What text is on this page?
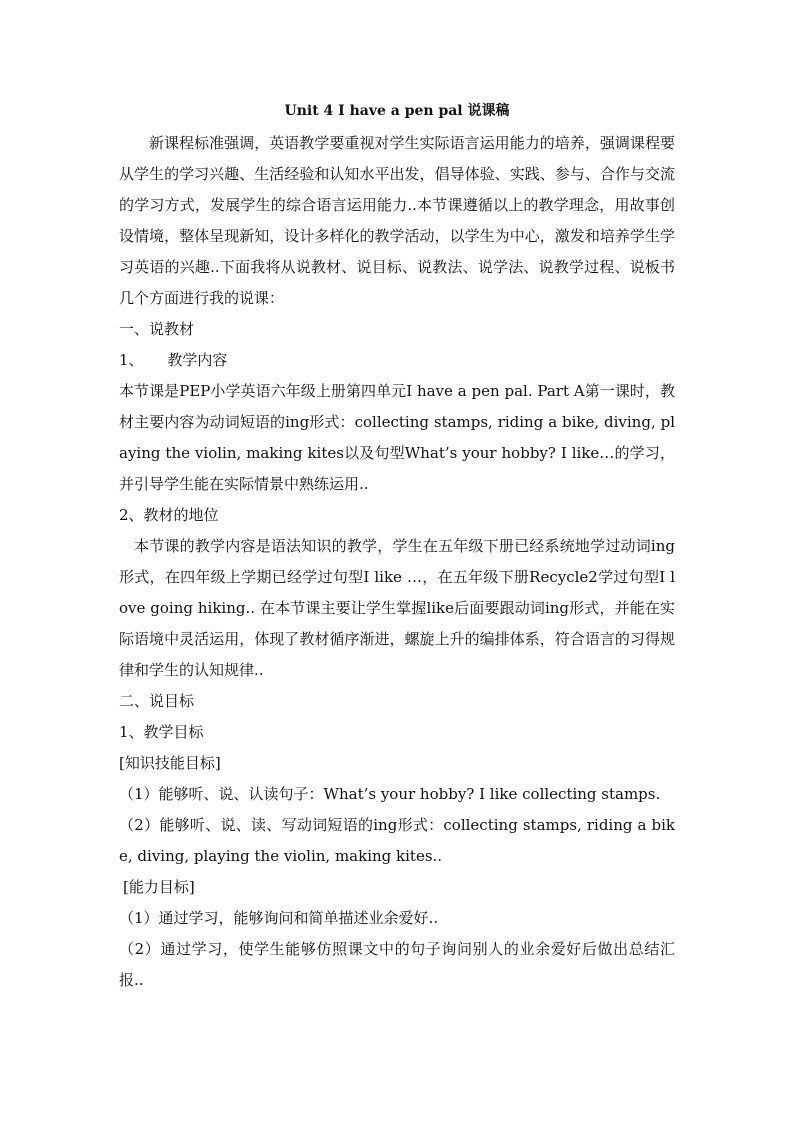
Unit 4 I have a pen pal 说课稿

新课程标准强调，英语教学要重视对学生实际语言运用能力的培养，强调课程要从学生的学习兴趣、生活经验和认知水平出发，倡导体验、实践、参与、合作与交流的学习方式，发展学生的综合语言运用能力..本节课遵循以上的教学理念，用故事创设情境，整体呈现新知，设计多样化的教学活动，以学生为中心，激发和培养学生学习英语的兴趣..下面我将从说教材、说目标、说教法、说学法、说教学过程、说板书几个方面进行我的说课：

一、说教材

1、     教学内容

本节课是PEP小学英语六年级上册第四单元I have a pen pal. Part A第一课时，教材主要内容为动词短语的ing形式：collecting stamps, riding a bike, diving, playing the violin, making kites以及句型What’s your hobby? I like…的学习，并引导学生能在实际情景中熟练运用..

2、教材的地位

本节课的教学内容是语法知识的教学，学生在五年级下册已经系统地学过动词ing形式，在四年级上学期已经学过句型I like …，在五年级下册Recycle2学过句型I love going hiking.. 在本节课主要让学生掌握like后面要跟动词ing形式，并能在实际语境中灵活运用，体现了教材循序渐进，螺旋上升的编排体系，符合语言的习得规律和学生的认知规律..

二、说目标

1、教学目标

[知识技能目标]

（1）能够听、说、认读句子：What’s your hobby? I like collecting stamps.

（2）能够听、说、读、写动词短语的ing形式：collecting stamps, riding a bike, diving, playing the violin, making kites..

[能力目标]

（1）通过学习，能够询问和简单描述业余爱好..

（2）通过学习，使学生能够仿照课文中的句子询问别人的业余爱好后做出总结汇报..
